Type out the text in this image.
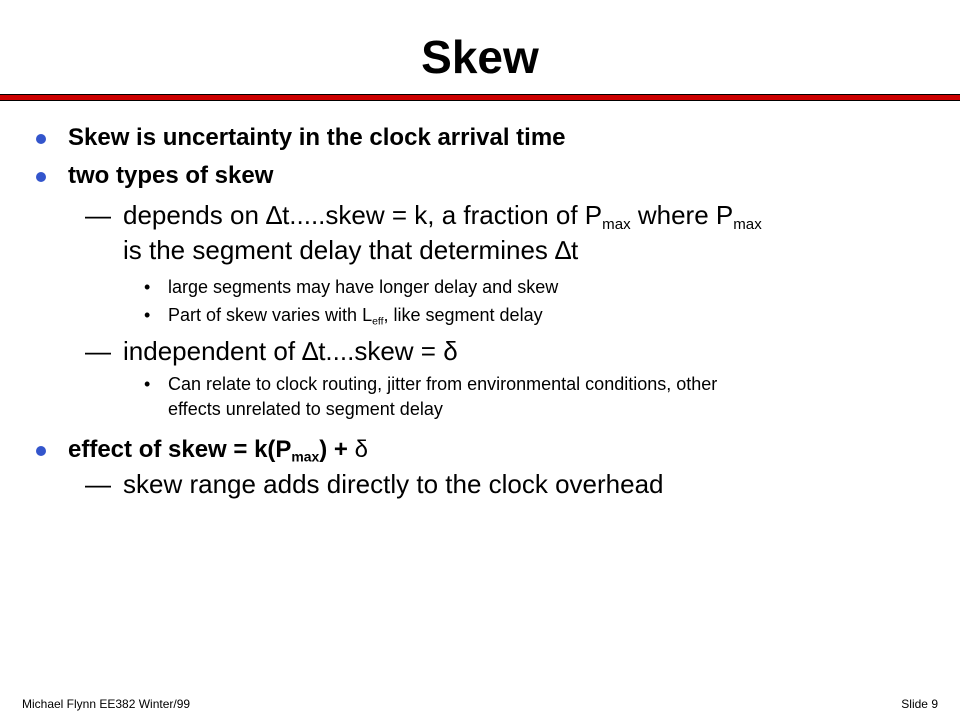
Skew
Skew is uncertainty in the clock arrival time
two types of skew
— depends on ∆t.....skew = k, a fraction of $P_{max}$ where $P_{max}$
is the segment delay that determines ∆t
• large segments may have longer delay and skew
• Part of skew varies with $L_{eff}$, like segment delay
— independent of ∆t....skew = δ
• Can relate to clock routing, jitter from environmental conditions, other
effects unrelated to segment delay
effect of skew = $k(P_{max}) + \delta$
— skew range adds directly to the clock overhead
Michael Flynn EE382 Winter/99	Slide 9
